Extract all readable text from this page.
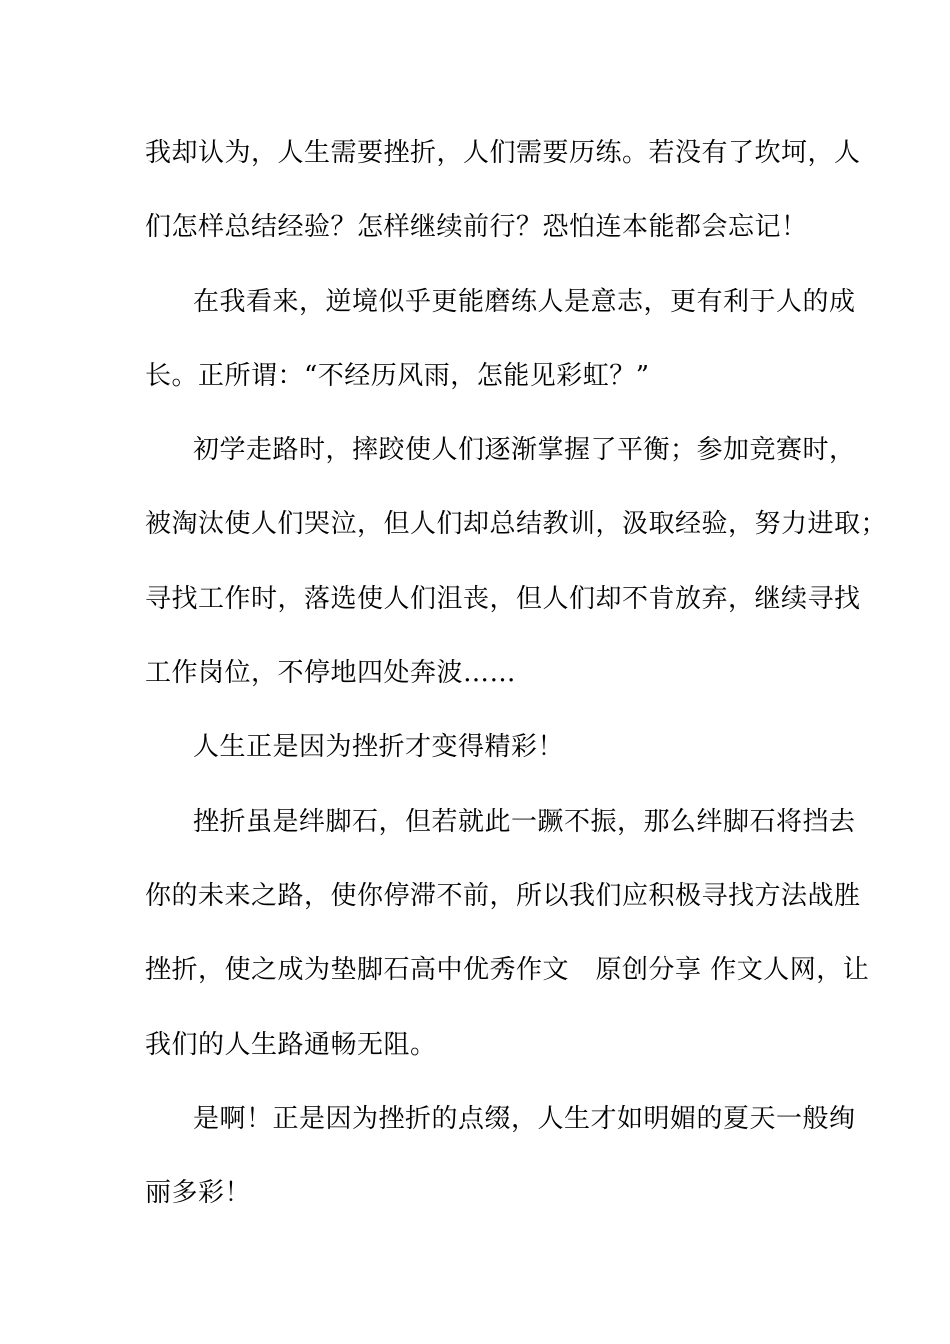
我却认为，人生需要挫折，人们需要历练。若没有了坎坷，人
们怎样总结经验？怎样继续前行？恐怕连本能都会忘记！
在我看来，逆境似乎更能磨练人是意志，更有利于人的成
长。正所谓：“不经历风雨，怎能见彩虹？”
初学走路时，摔跤使人们逐渐掌握了平衡；参加竞赛时，
被淘汰使人们哭泣，但人们却总结教训，汲取经验，努力进取；
寻找工作时，落选使人们沮丧，但人们却不肯放弃，继续寻找
工作岗位，不停地四处奔波……
人生正是因为挫折才变得精彩！
挫折虽是绊脚石，但若就此一蹶不振，那么绊脚石将挡去
你的未来之路，使你停滞不前，所以我们应积极寻找方法战胜
挫折，使之成为垫脚石高中优秀作文　原创分享 作文人网，让
我们的人生路通畅无阻。
是啊！正是因为挫折的点缀，人生才如明媚的夏天一般绚
丽多彩！
